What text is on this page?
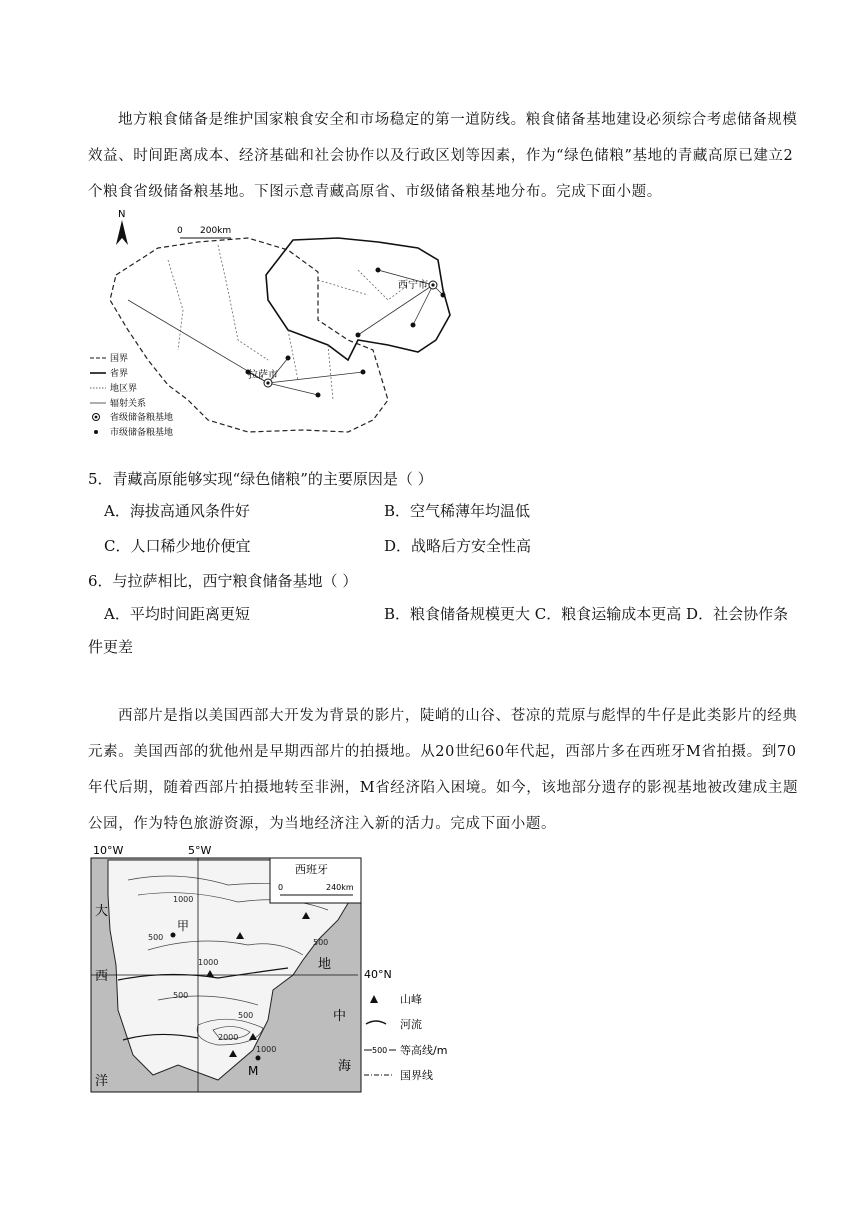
地方粮食储备是维护国家粮食安全和市场稳定的第一道防线。粮食储备基地建设必须综合考虑储备规模效益、时间距离成本、经济基础和社会协作以及行政区划等因素，作为“绿色储粮”基地的青藏高原已建立2个粮食省级储备粮基地。下图示意青藏高原省、市级储备粮基地分布。完成下面小题。
N
0 200km
西宁市
拉萨市
国界
省界
地区界
辐射关系
省级储备粮基地
市级储备粮基地
5．青藏高原能够实现“绿色储粮”的主要原因是（ ）
A．海拔高通风条件好	B．空气稀薄年均温低
C．人口稀少地价便宜	D．战略后方安全性高
6．与拉萨相比，西宁粮食储备基地（ ）
A．平均时间距离更短	B．粮食储备规模更大 C．粮食运输成本更高 D．社会协作条
件更差
西部片是指以美国西部大开发为背景的影片，陡峭的山谷、苍凉的荒原与彪悍的牛仔是此类影片的经典元素。美国西部的犹他州是早期西部片的拍摄地。从20世纪60年代起，西部片多在西班牙M省拍摄。到70年代后期，随着西部片拍摄地转至非洲，M省经济陷入困境。如今，该地部分遗存的影视基地被改建成主题公园，作为特色旅游资源，为当地经济注入新的活力。完成下面小题。
10°W	5°W
1000
500
500
1000
500
500
2000
1000
甲
M
大
西
洋
地
中
海
西班牙
0	240km
40°N
山峰
河流
500 等高线/m
国界线
